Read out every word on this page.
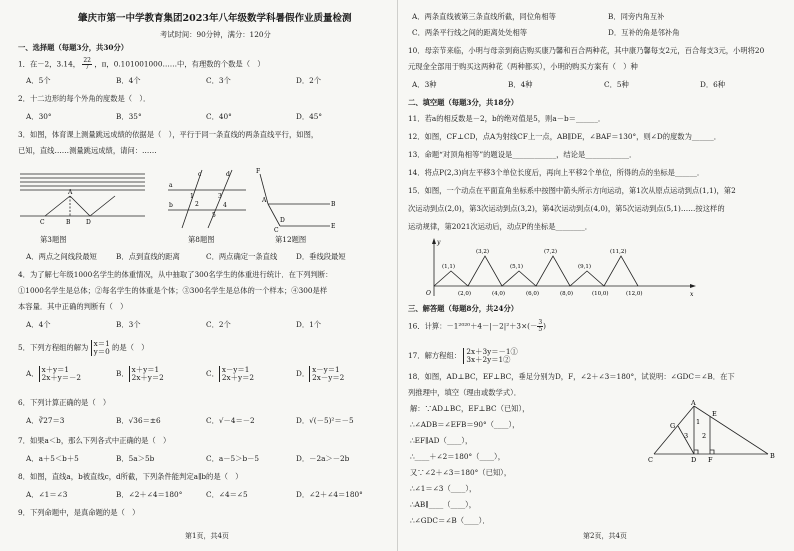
肇庆市第一中学教育集团2023年八年级数学科暑假作业质量检测
考试时间：90分钟，满分：120分
一、选择题（每题3分，共30分）
1．在－2，3.14， $\frac{22}{7}$ ，π，0.101001000……中，有理数的个数是（　）
A．5个	B．4个	C．3个	D．2个
2．十二边形的每个外角的度数是（　）．
A．30°	B．35°	C．40°	D．45°
3．如图，体育课上测量跳远成绩的依据是（　），平行于同一条直线的两条直线平行，如图，
已知，直线……测量跳远成绩，请问：……
C	B	D
A
a
b
c	d
1
2
3
4
5
F
A
B
C
E
D
第3题图	第8题图	第12题图
A．两点之间线段最短	B．点到直线的距离	C．两点确定一条直线	D．垂线段最短
4．为了解七年级1000名学生的体重情况，从中抽取了300名学生的体重进行统计．在下列判断：
①1000名学生是总体；②每名学生的体重是个体；③300名学生是总体的一个样本；④300是样
本容量．其中正确的判断有（　）
A．4个	B．3个	C．2个	D．1个
5．下列方程组的解为 x＝1
y＝0 的是（　）
A． x＋y＝1
2x＋y＝－2	B． x＋y＝1
2x＋y＝2	C． x－y＝1
2x＋y＝2	D． x－y＝1
2x－y＝2
6．下列计算正确的是（　）
A．∛27＝3	B．√36＝±6	C．√－4＝－2	D．√(－5)²＝－5
7．如果a＜b，那么下列各式中正确的是（　）
A．a＋5＜b＋5	B．5a＞5b	C．a－5＞b－5	D．－2a＞－2b
8．如图，直线a，b被直线c，d所截，下列条件能判定a∥b的是（　）
A．∠1＝∠3	B．∠2＋∠4＝180°	C．∠4＝∠5	D．∠2＋∠4＝180°
9．下列命题中，是真命题的是（　）
第1页，共4页
A．两条直线被第三条直线所截，同位角相等	B．同旁内角互补
C．两条平行线之间的距离处处相等	D．互补的角是邻补角
10．母亲节来临，小明与母亲到商店购买康乃馨和百合两种花，其中康乃馨每支2元，百合每支3元，小明将20
元现金全部用于购买这两种花（两种都买），小明的购买方案有（　）种
A．3种	B．4种	C．5种	D．6种
二、填空题（每题3分，共18分）
11．若a的相反数是－2，b的绝对值是5，则a－b＝______．
12．如图，CF⊥CD，点A为射线CF上一点，AB∥DE，∠BAF＝130°，则∠D的度数为______．
13．命题“对顶角相等”的题设是____________，结论是____________．
14．将点P(2,3)向左平移3个单位长度后，再向上平移2个单位，所得的点的坐标是______．
15．如图，一个动点在平面直角坐标系中按图中箭头所示方向运动，第1次从原点运动到点(1,1)，第2
次运动到点(2,0)，第3次运动到点(3,2)，第4次运动到点(4,0)，第5次运动到点(5,1)……按这样的
运动规律，第2021次运动后，动点P的坐标是________．
y
x
O
(1,1)
(3,2)
(5,1)
(7,2)
(9,1)
(11,2)
(2,0)	(4,0)	(6,0)	(8,0)	(10,0)	(12,0)
三、解答题（每题8分，共24分）
16．计算：$-1^{2020}+4-|-2|^2+3\times(- \frac{3}{5}$ )
17．解方程组： 2x＋3y＝－1①
3x＋2y＝1②
18．如图，AD⊥BC，EF⊥BC，垂足分别为D，F，∠2＋∠3＝180°，试说明：∠GDC＝∠B．在下
列推理中，填空（理由或数学式）．
解：∵AD⊥BC，EF⊥BC（已知），
∴∠ADB＝∠EFB＝90°（____），
∴EF∥AD（____），
∴____＋∠2＝180°（____），
又∵∠2＋∠3＝180°（已知），
∴∠1＝∠3（____），
∴AB∥____（____），
∴∠GDC＝∠B（____）．
A
E
G
B
C	D F
1
2
3
第2页，共4页
